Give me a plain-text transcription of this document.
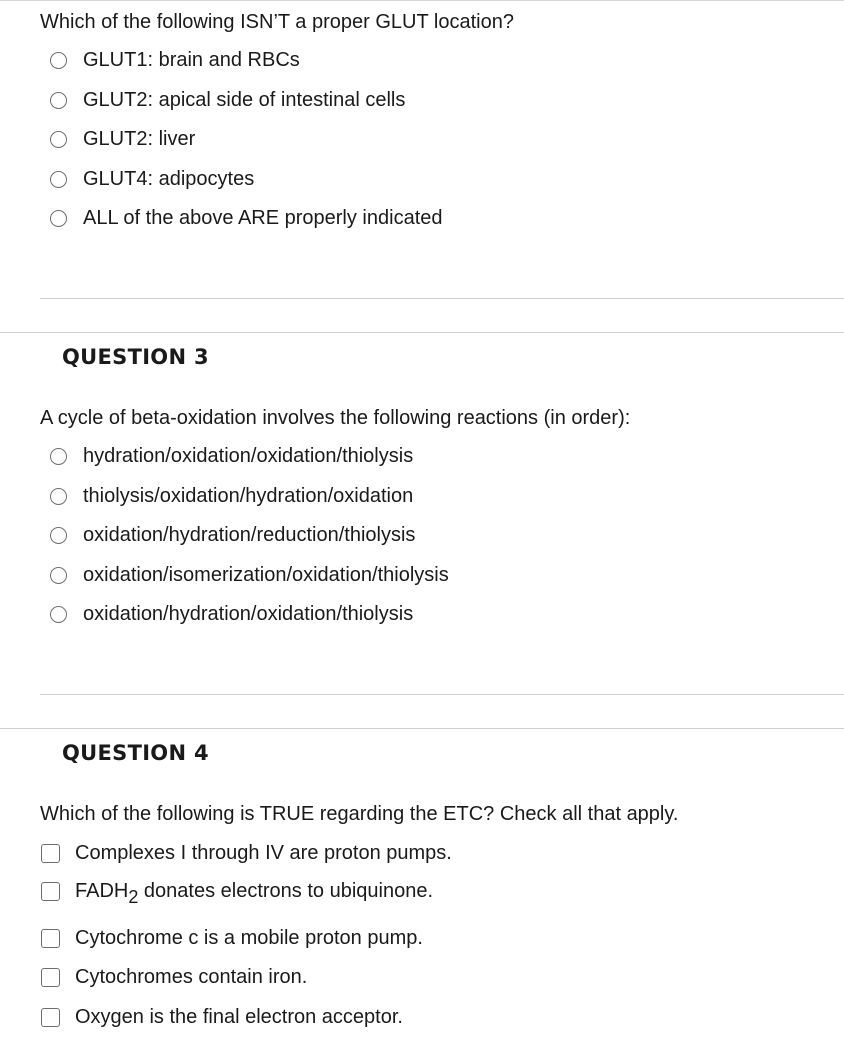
Which of the following ISN’T a proper GLUT location?
GLUT1: brain and RBCs
GLUT2: apical side of intestinal cells
GLUT2: liver
GLUT4: adipocytes
ALL of the above ARE properly indicated
QUESTION 3
A cycle of beta-oxidation involves the following reactions (in order):
hydration/oxidation/oxidation/thiolysis
thiolysis/oxidation/hydration/oxidation
oxidation/hydration/reduction/thiolysis
oxidation/isomerization/oxidation/thiolysis
oxidation/hydration/oxidation/thiolysis
QUESTION 4
Which of the following is TRUE regarding the ETC? Check all that apply.
Complexes I through IV are proton pumps.
FADH2 donates electrons to ubiquinone.
Cytochrome c is a mobile proton pump.
Cytochromes contain iron.
Oxygen is the final electron acceptor.
